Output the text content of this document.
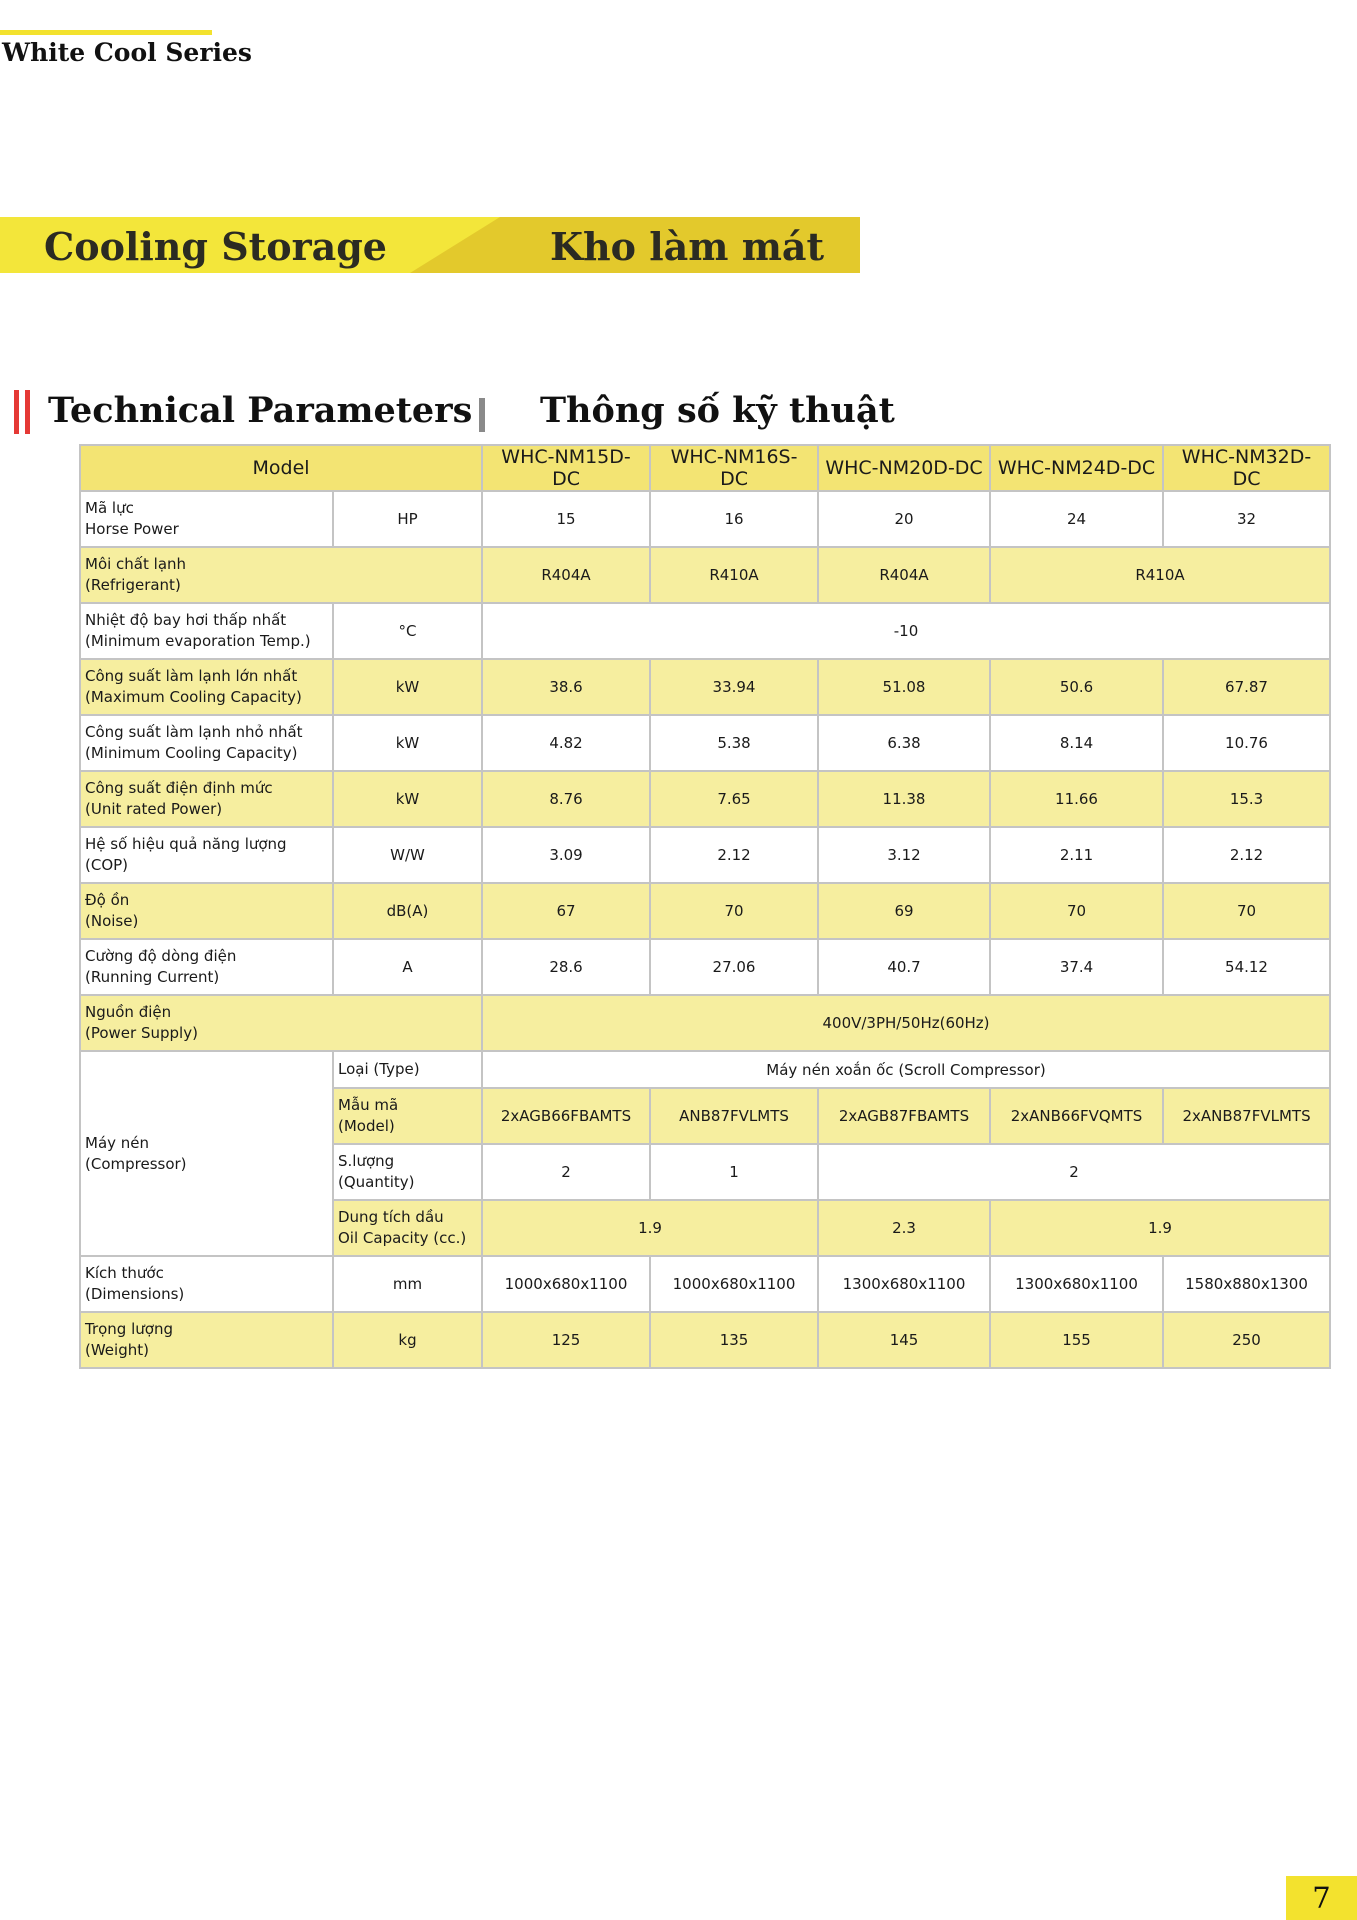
White Cool Series
Cooling Storage	Kho làm mát
Technical Parameters Thông số kỹ thuật
Model		WHC-NM15D-DC	WHC-NM16S-DC	WHC-NM20D-DC	WHC-NM24D-DC	WHC-NM32D-DC
Mã lực
Horse Power	HP	15	16	20	24	32
Môi chất lạnh
(Refrigerant)		R404A	R410A	R404A	R410A	
Nhiệt độ bay hơi thấp nhất
(Minimum evaporation Temp.)	°C	-10				
Công suất làm lạnh lớn nhất
(Maximum Cooling Capacity)	kW	38.6	33.94	51.08	50.6	67.87
Công suất làm lạnh nhỏ nhất
(Minimum Cooling Capacity)	kW	4.82	5.38	6.38	8.14	10.76
Công suất điện định mức
(Unit rated Power)	kW	8.76	7.65	11.38	11.66	15.3
Hệ số hiệu quả năng lượng
(COP)	W/W	3.09	2.12	3.12	2.11	2.12
Độ ồn
(Noise)	dB(A)	67	70	69	70	70
Cường độ dòng điện
(Running Current)	A	28.6	27.06	40.7	37.4	54.12
Nguồn điện
(Power Supply)		400V/3PH/50Hz(60Hz)				
Máy nén
(Compressor)	Loại (Type)	Máy nén xoắn ốc (Scroll Compressor)				
	Mẫu mã
(Model)	2xAGB66FBAMTS	ANB87FVLMTS	2xAGB87FBAMTS	2xANB66FVQMTS	2xANB87FVLMTS
	S.lượng
(Quantity)	2	1	2		
	Dung tích dầu
Oil Capacity (cc.)	1.9		2.3	1.9	
Kích thước
(Dimensions)	mm	1000x680x1100	1000x680x1100	1300x680x1100	1300x680x1100	1580x880x1300
Trọng lượng
(Weight)	kg	125	135	145	155	250
7
